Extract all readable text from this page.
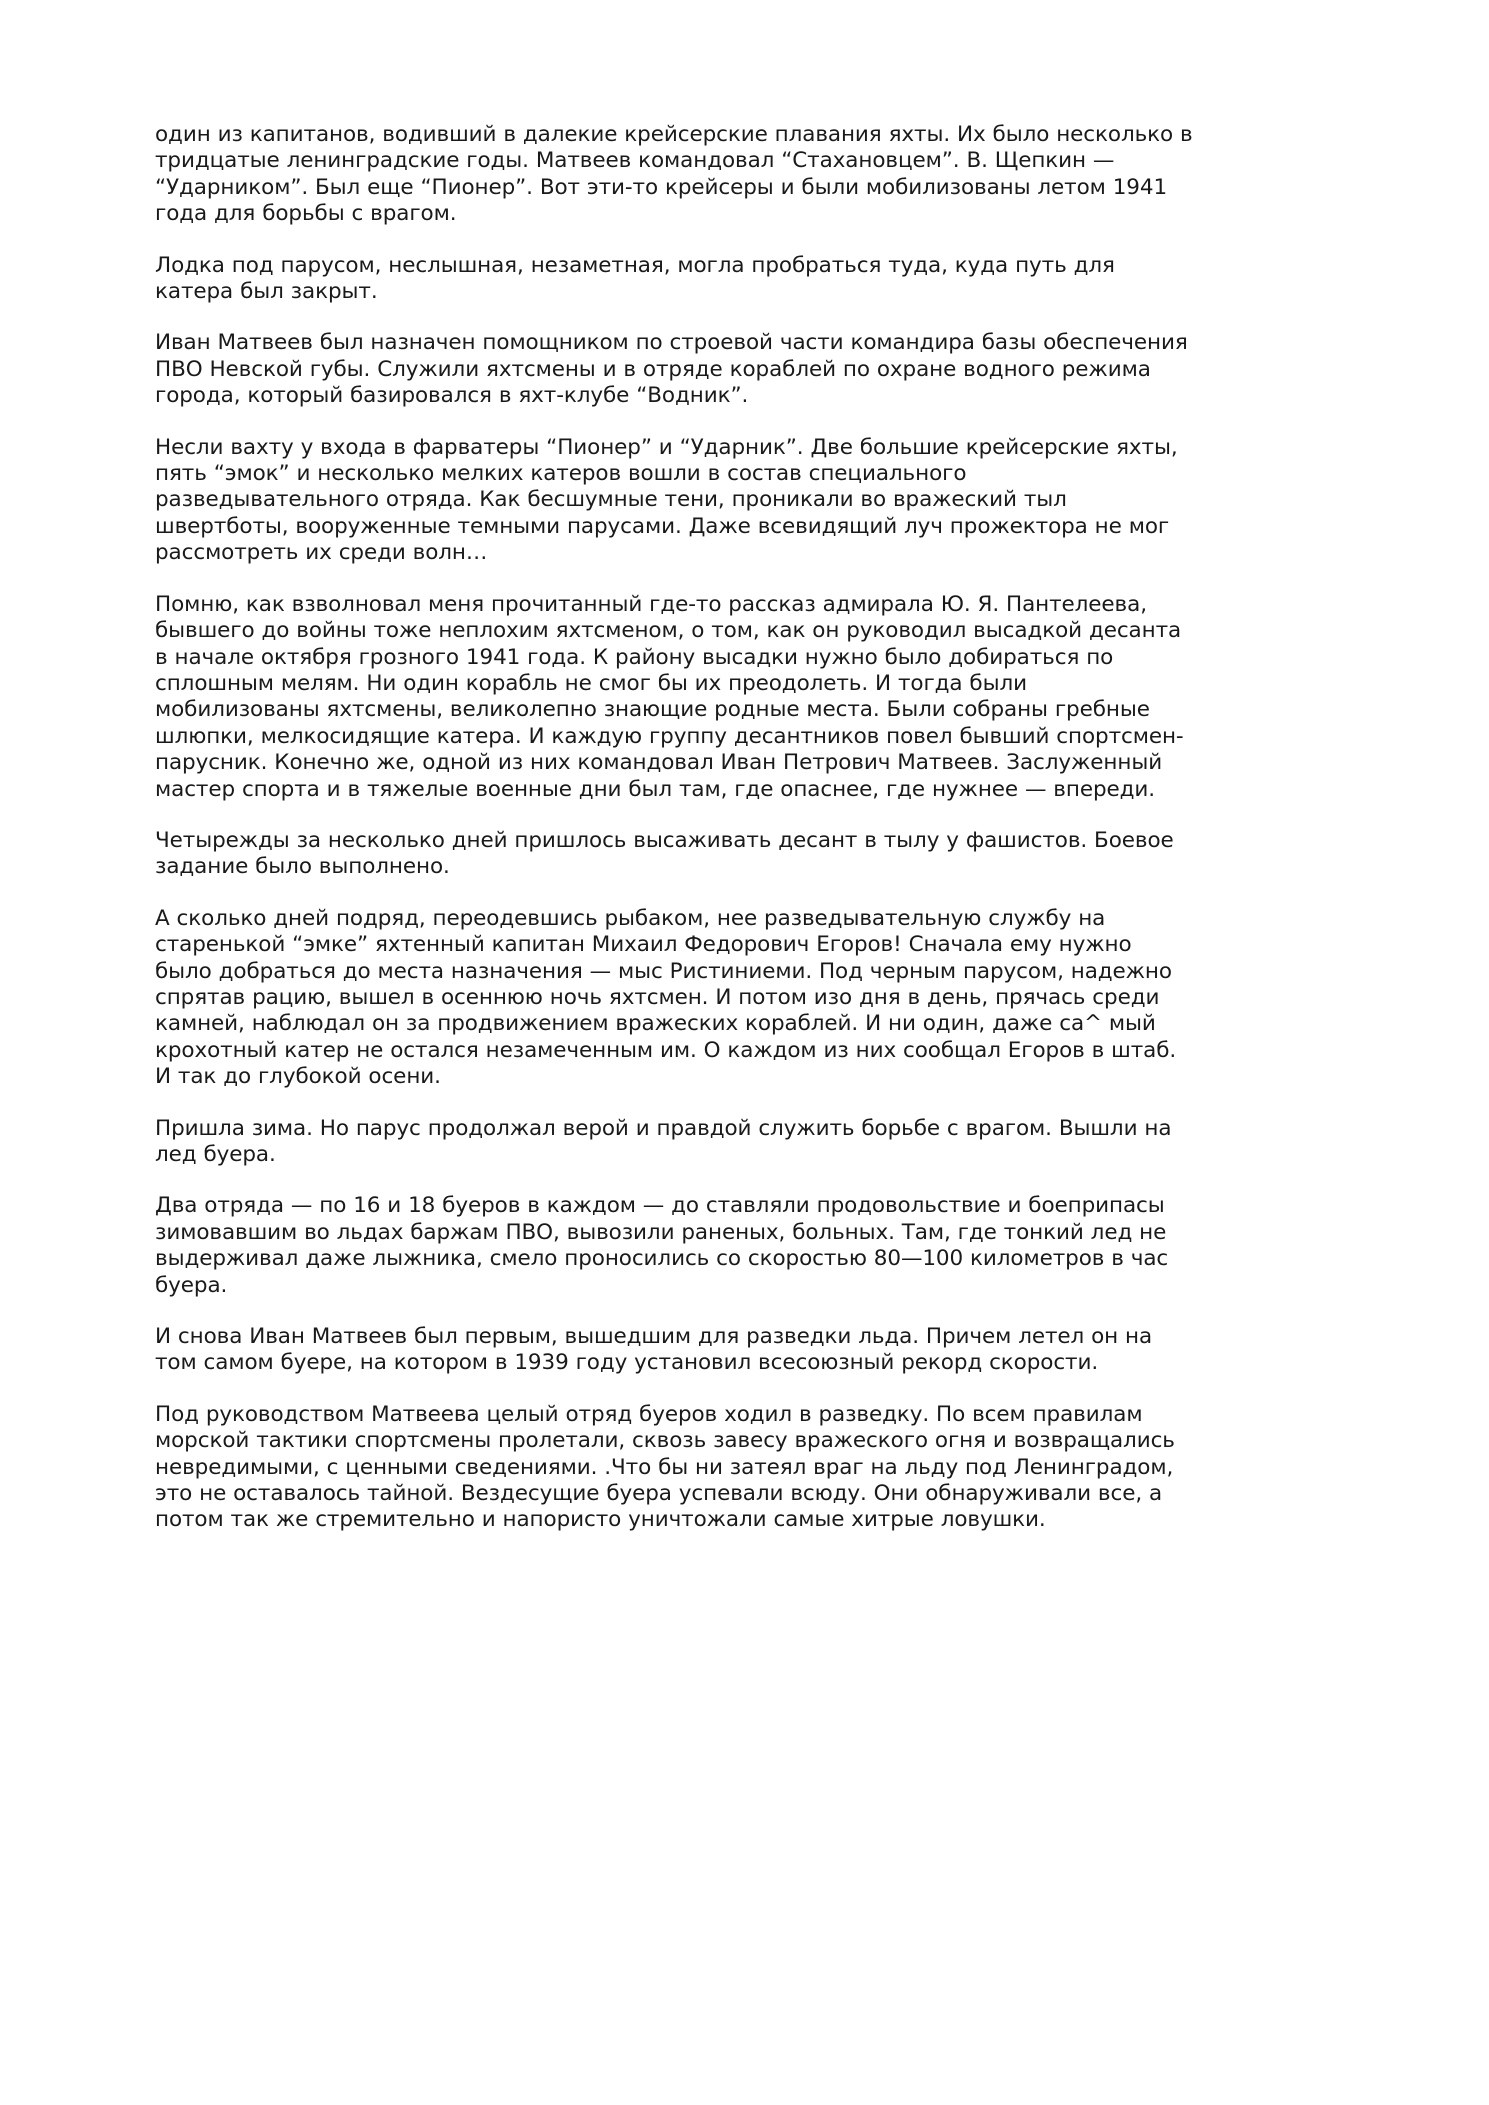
один из капитанов, водивший в далекие крейсерские плавания яхты. Их было несколько в тридцатые ленинградские годы. Матвеев командовал “Стахановцем”. В. Щепкин — “Ударником”. Был еще “Пионер”. Вот эти-то крейсеры и были мобилизованы летом 1941 года для борьбы с врагом.

Лодка под парусом, неслышная, незаметная, могла пробраться туда, куда путь для катера был закрыт.

Иван Матвеев был назначен помощником по строевой части командира базы обеспечения ПВО Невской губы. Служили яхтсмены и в отряде кораблей по охране водного режима города, который базировался в яхт-клубе “Водник”.

Несли вахту у входа в фарватеры “Пионер” и “Ударник”. Две большие крейсерские яхты, пять “эмок” и несколько мелких катеров вошли в состав специального разведывательного отряда. Как бесшумные тени, проникали во вражеский тыл швертботы, вооруженные темными парусами. Даже всевидящий луч прожектора не мог рассмотреть их среди волн…

Помню, как взволновал меня прочитанный где-то рассказ адмирала Ю. Я. Пантелеева, бывшего до войны тоже неплохим яхтсменом, о том, как он руководил высадкой десанта в начале октября грозного 1941 года. К району высадки нужно было добираться по сплошным мелям. Ни один корабль не смог бы их преодолеть. И тогда были мобилизованы яхтсмены, великолепно знающие родные места. Были собраны гребные шлюпки, мелкосидящие катера. И каждую группу десантников повел бывший спортсмен-парусник. Конечно же, одной из них командовал Иван Петрович Матвеев. Заслуженный мастер спорта и в тяжелые военные дни был там, где опаснее, где нужнее — впереди.

Четырежды за несколько дней пришлось высаживать десант в тылу у фашистов. Боевое задание было выполнено.

А сколько дней подряд, переодевшись рыбаком, нее разведывательную службу на старенькой “эмке” яхтенный капитан Михаил Федорович Егоров! Сначала ему нужно было добраться до места назначения — мыс Ристиниеми. Под черным парусом, надежно спрятав рацию, вышел в осеннюю ночь яхтсмен. И потом изо дня в день, прячась среди камней, наблюдал он за продвижением вражеских кораблей. И ни один, даже са^ мый крохотный катер не остался незамеченным им. О каждом из них сообщал Егоров в штаб. И так до глубокой осени.

Пришла зима. Но парус продолжал верой и правдой служить борьбе с врагом. Вышли на лед буера.

Два отряда — по 16 и 18 буеров в каждом — до ставляли продовольствие и боеприпасы зимовавшим во льдах баржам ПВО, вывозили раненых, больных. Там, где тонкий лед не выдерживал даже лыжника, смело проносились со скоростью 80—100 километров в час буера.

И снова Иван Матвеев был первым, вышедшим для разведки льда. Причем летел он на том самом буере, на котором в 1939 году установил всесоюзный рекорд скорости.

Под руководством Матвеева целый отряд буеров ходил в разведку. По всем правилам морской тактики спортсмены пролетали, сквозь завесу вражеского огня и возвращались невредимыми, с ценными сведениями. .Что бы ни затеял враг на льду под Ленинградом, это не оставалось тайной. Вездесущие буера успевали всюду. Они обнаруживали все, а потом так же стремительно и напористо уничтожали самые хитрые ловушки.
